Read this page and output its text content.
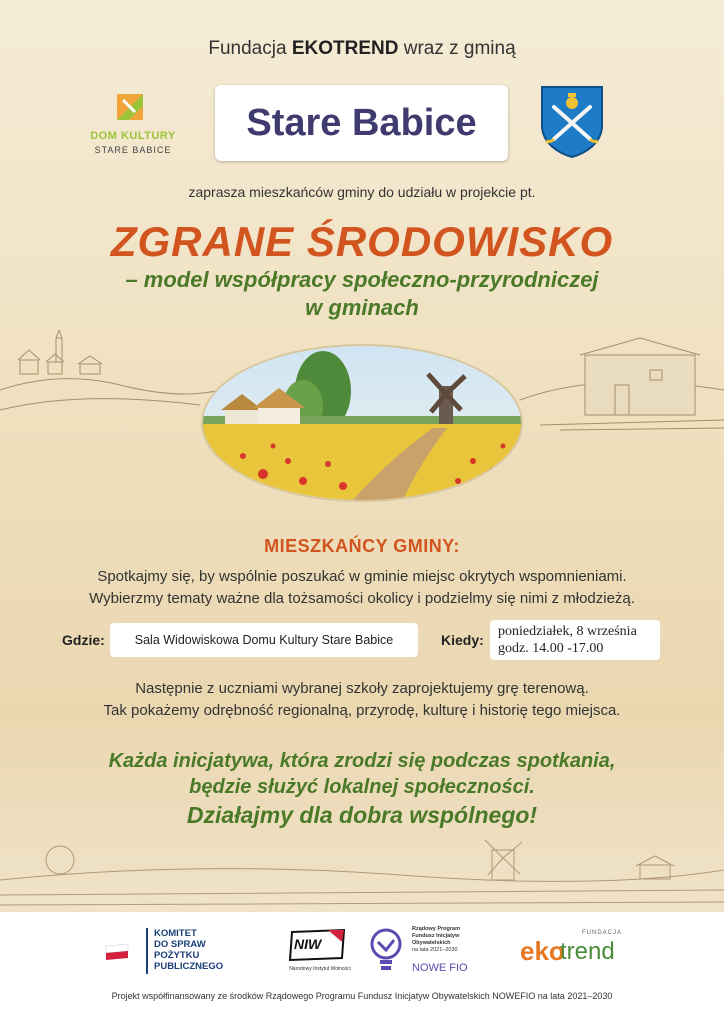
Fundacja EKOTREND wraz z gminą
DOM KULTURY
STARE BABICE
Stare Babice
zaprasza mieszkańców gminy do udziału w projekcie pt.
ZGRANE ŚRODOWISKO
– model współpracy społeczno-przyrodniczej
w gminach
MIESZKAŃCY GMINY:
Spotkajmy się, by wspólnie poszukać w gminie miejsc okrytych wspomnieniami.
Wybierzmy tematy ważne dla tożsamości okolicy i podzielmy się nimi z młodzieżą.
Gdzie:	Sala Widowiskowa Domu Kultury Stare Babice	Kiedy:
poniedziałek, 8 września
godz. 14.00 -17.00
Następnie z uczniami wybranej szkoły zaprojektujemy grę terenową.
Tak pokażemy odrębność regionalną, przyrodę, kulturę i historię tego miejsca.
Każda inicjatywa, która zrodzi się podczas spotkania,
będzie służyć lokalnej społeczności.
Działajmy dla dobra wspólnego!
KOMITET
DO SPRAW
POŻYTKU
PUBLICZNEGO
NIW
Narodowy Instytut Wolności
Rządowy Program
Fundusz Inicjatyw
Obywatelskich
na lata 2021–2030
NOWE FIO
FUNDACJA
eko
trend
Projekt współfinansowany ze środków Rządowego Programu Fundusz Inicjatyw Obywatelskich NOWEFIO na lata 2021–2030
